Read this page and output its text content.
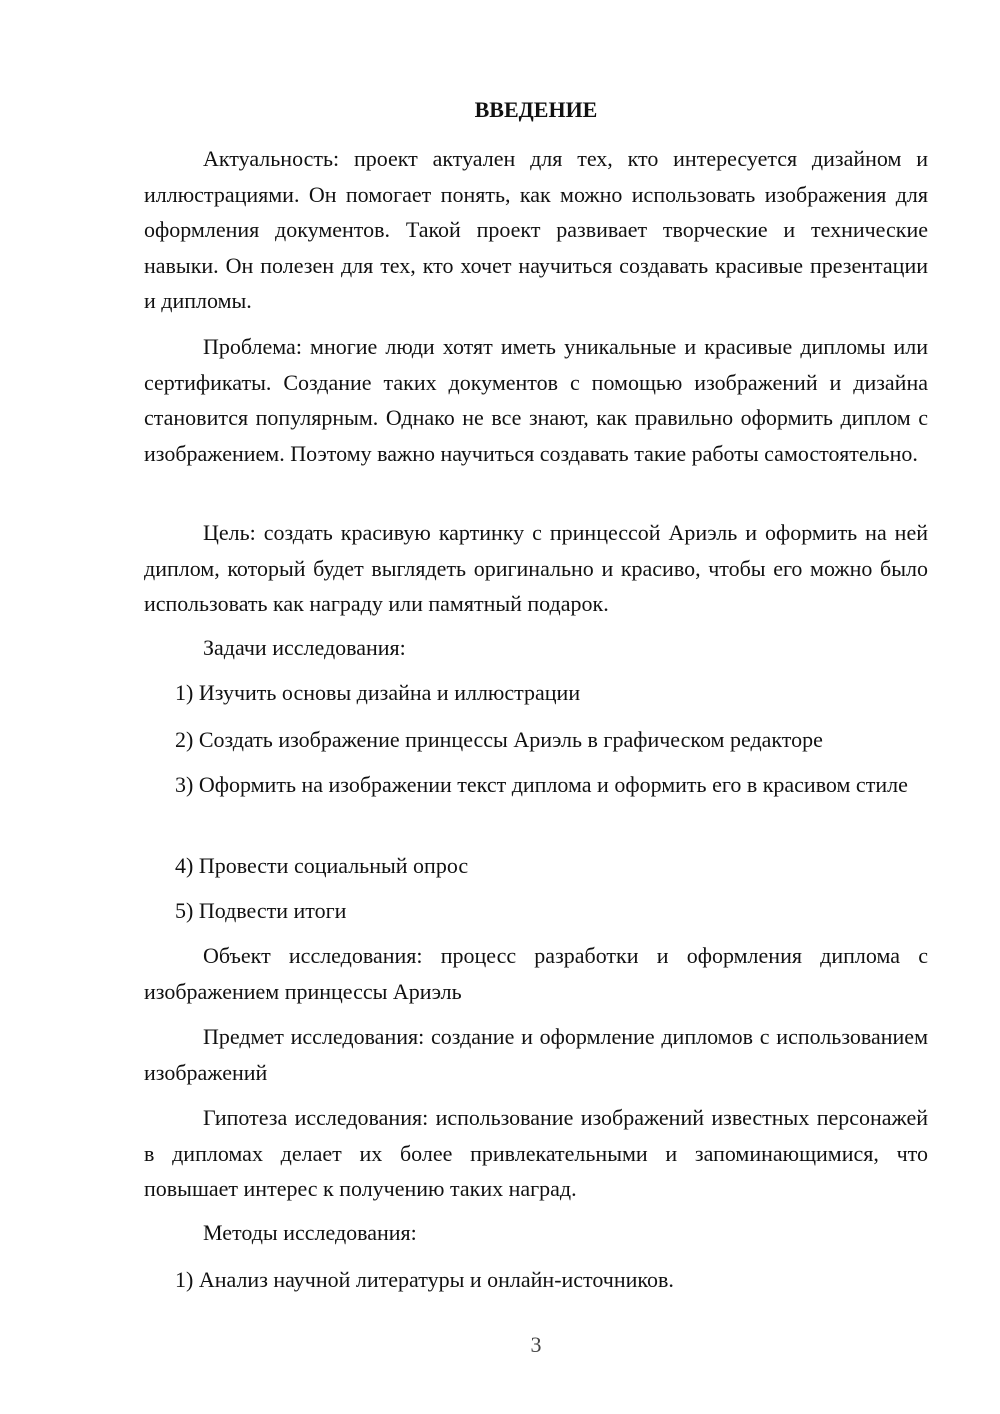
ВВЕДЕНИЕ

Актуальность: проект актуален для тех, кто интересуется дизайном и иллюстрациями. Он помогает понять, как можно использовать изображения для оформления документов. Такой проект развивает творческие и технические навыки. Он полезен для тех, кто хочет научиться создавать красивые презентации и дипломы.

Проблема: многие люди хотят иметь уникальные и красивые дипломы или сертификаты. Создание таких документов с помощью изображений и дизайна становится популярным. Однако не все знают, как правильно оформить диплом с изображением. Поэтому важно научиться создавать такие работы самостоятельно.

Цель: создать красивую картинку с принцессой Ариэль и оформить на ней диплом, который будет выглядеть оригинально и красиво, чтобы его можно было использовать как награду или памятный подарок.

Задачи исследования:
1) Изучить основы дизайна и иллюстрации
2) Создать изображение принцессы Ариэль в графическом редакторе

3) Оформить на изображении текст диплома и оформить его в красивом стиле

4) Провести социальный опрос
5) Подвести итоги

Объект исследования: процесс разработки и оформления диплома с изображением принцессы Ариэль

Предмет исследования: создание и оформление дипломов с использованием изображений

Гипотеза исследования: использование изображений известных персонажей в дипломах делает их более привлекательными и запоминающимися, что повышает интерес к получению таких наград.

Методы исследования:
1) Анализ научной литературы и онлайн-источников.
3
